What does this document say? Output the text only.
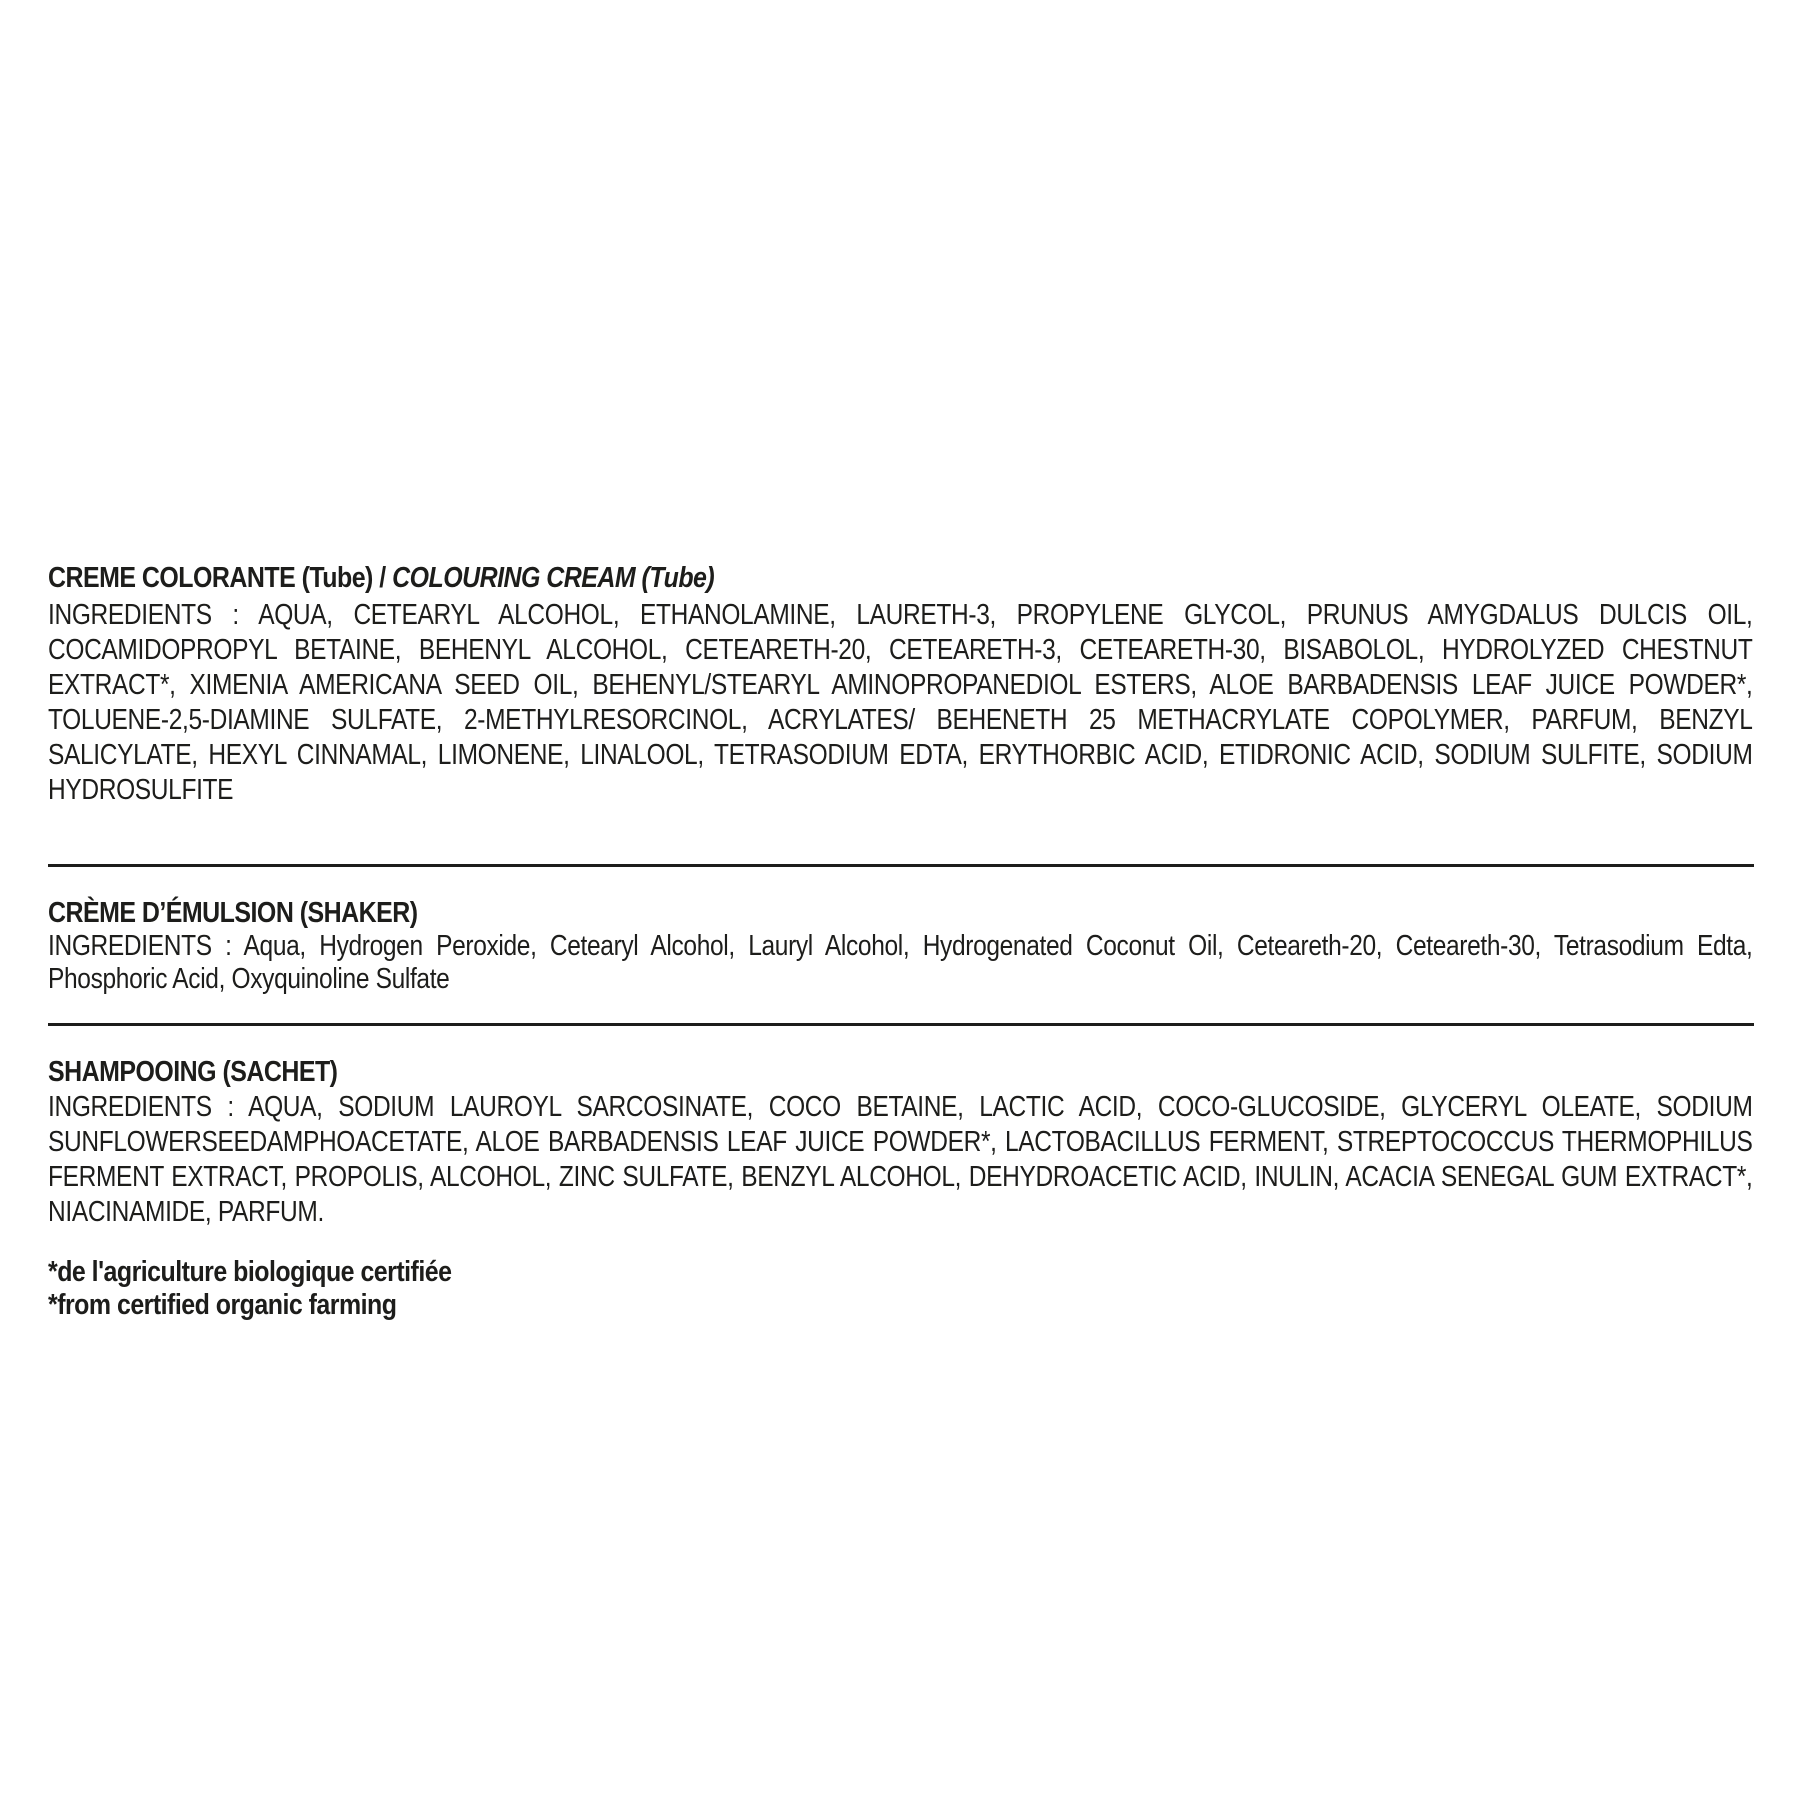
CREME COLORANTE (Tube) / COLOURING CREAM (Tube)

INGREDIENTS : AQUA, CETEARYL ALCOHOL, ETHANOLAMINE, LAURETH-3, PROPYLENE GLYCOL, PRUNUS AMYGDALUS DULCIS OIL, COCAMIDOPROPYL BETAINE, BEHENYL ALCOHOL, CETEARETH-20, CETEARETH-3, CETEARETH-30, BISABOLOL, HYDROLYZED CHESTNUT EXTRACT*, XIMENIA AMERICANA SEED OIL, BEHENYL/STEARYL AMINOPROPANEDIOL ESTERS, ALOE BARBADENSIS LEAF JUICE POWDER*, TOLUENE-2,5-DIAMINE SULFATE, 2-METHYLRESORCINOL, ACRYLATES/ BEHENETH 25 METHACRYLATE COPOLYMER, PARFUM, BENZYL SALICYLATE, HEXYL CINNAMAL, LIMONENE, LINALOOL, TETRASODIUM EDTA, ERYTHORBIC ACID, ETIDRONIC ACID, SODIUM SULFITE, SODIUM HYDROSULFITE

CRÈME D’ÉMULSION (SHAKER)

INGREDIENTS : Aqua, Hydrogen Peroxide, Cetearyl Alcohol, Lauryl Alcohol, Hydrogenated Coconut Oil, Ceteareth-20, Ceteareth-30, Tetrasodium Edta, Phosphoric Acid, Oxyquinoline Sulfate

SHAMPOOING (SACHET)

INGREDIENTS : AQUA, SODIUM LAUROYL SARCOSINATE, COCO BETAINE, LACTIC ACID, COCO-GLUCOSIDE, GLYCERYL OLEATE, SODIUM SUNFLOWERSEEDAMPHOACETATE, ALOE BARBADENSIS LEAF JUICE POWDER*, LACTOBACILLUS FERMENT, STREPTOCOCCUS THERMOPHILUS FERMENT EXTRACT, PROPOLIS, ALCOHOL, ZINC SULFATE, BENZYL ALCOHOL, DEHYDROACETIC ACID, INULIN, ACACIA SENEGAL GUM EXTRACT*, NIACINAMIDE, PARFUM.

*de l'agriculture biologique certifiée

*from certified organic farming
